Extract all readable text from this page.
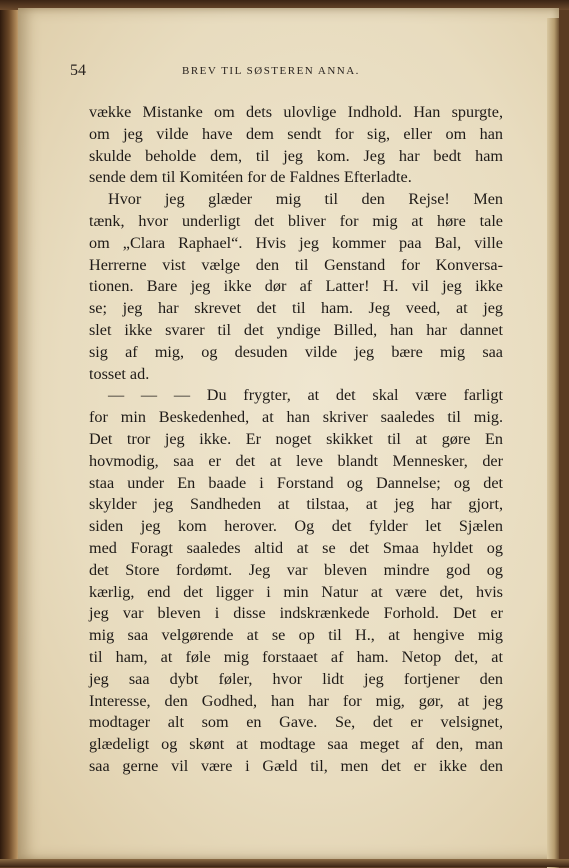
54	BREV TIL SØSTEREN ANNA.
vække Mistanke om dets ulovlige Indhold. Han spurgte,
om jeg vilde have dem sendt for sig, eller om han
skulde beholde dem, til jeg kom. Jeg har bedt ham
sende dem til Komitéen for de Faldnes Efterladte.
Hvor jeg glæder mig til den Rejse! Men
tænk, hvor underligt det bliver for mig at høre tale
om „Clara Raphael“. Hvis jeg kommer paa Bal, ville
Herrerne vist vælge den til Genstand for Konversa-
tionen. Bare jeg ikke dør af Latter! H. vil jeg ikke
se; jeg har skrevet det til ham. Jeg veed, at jeg
slet ikke svarer til det yndige Billed, han har dannet
sig af mig, og desuden vilde jeg bære mig saa
tosset ad.
— — — Du frygter, at det skal være farligt
for min Beskedenhed, at han skriver saaledes til mig.
Det tror jeg ikke. Er noget skikket til at gøre En
hovmodig, saa er det at leve blandt Mennesker, der
staa under En baade i Forstand og Dannelse; og det
skylder jeg Sandheden at tilstaa, at jeg har gjort,
siden jeg kom herover. Og det fylder let Sjælen
med Foragt saaledes altid at se det Smaa hyldet og
det Store fordømt. Jeg var bleven mindre god og
kærlig, end det ligger i min Natur at være det, hvis
jeg var bleven i disse indskrænkede Forhold. Det er
mig saa velgørende at se op til H., at hengive mig
til ham, at føle mig forstaaet af ham. Netop det, at
jeg saa dybt føler, hvor lidt jeg fortjener den
Interesse, den Godhed, han har for mig, gør, at jeg
modtager alt som en Gave. Se, det er velsignet,
glædeligt og skønt at modtage saa meget af den, man
saa gerne vil være i Gæld til, men det er ikke den
